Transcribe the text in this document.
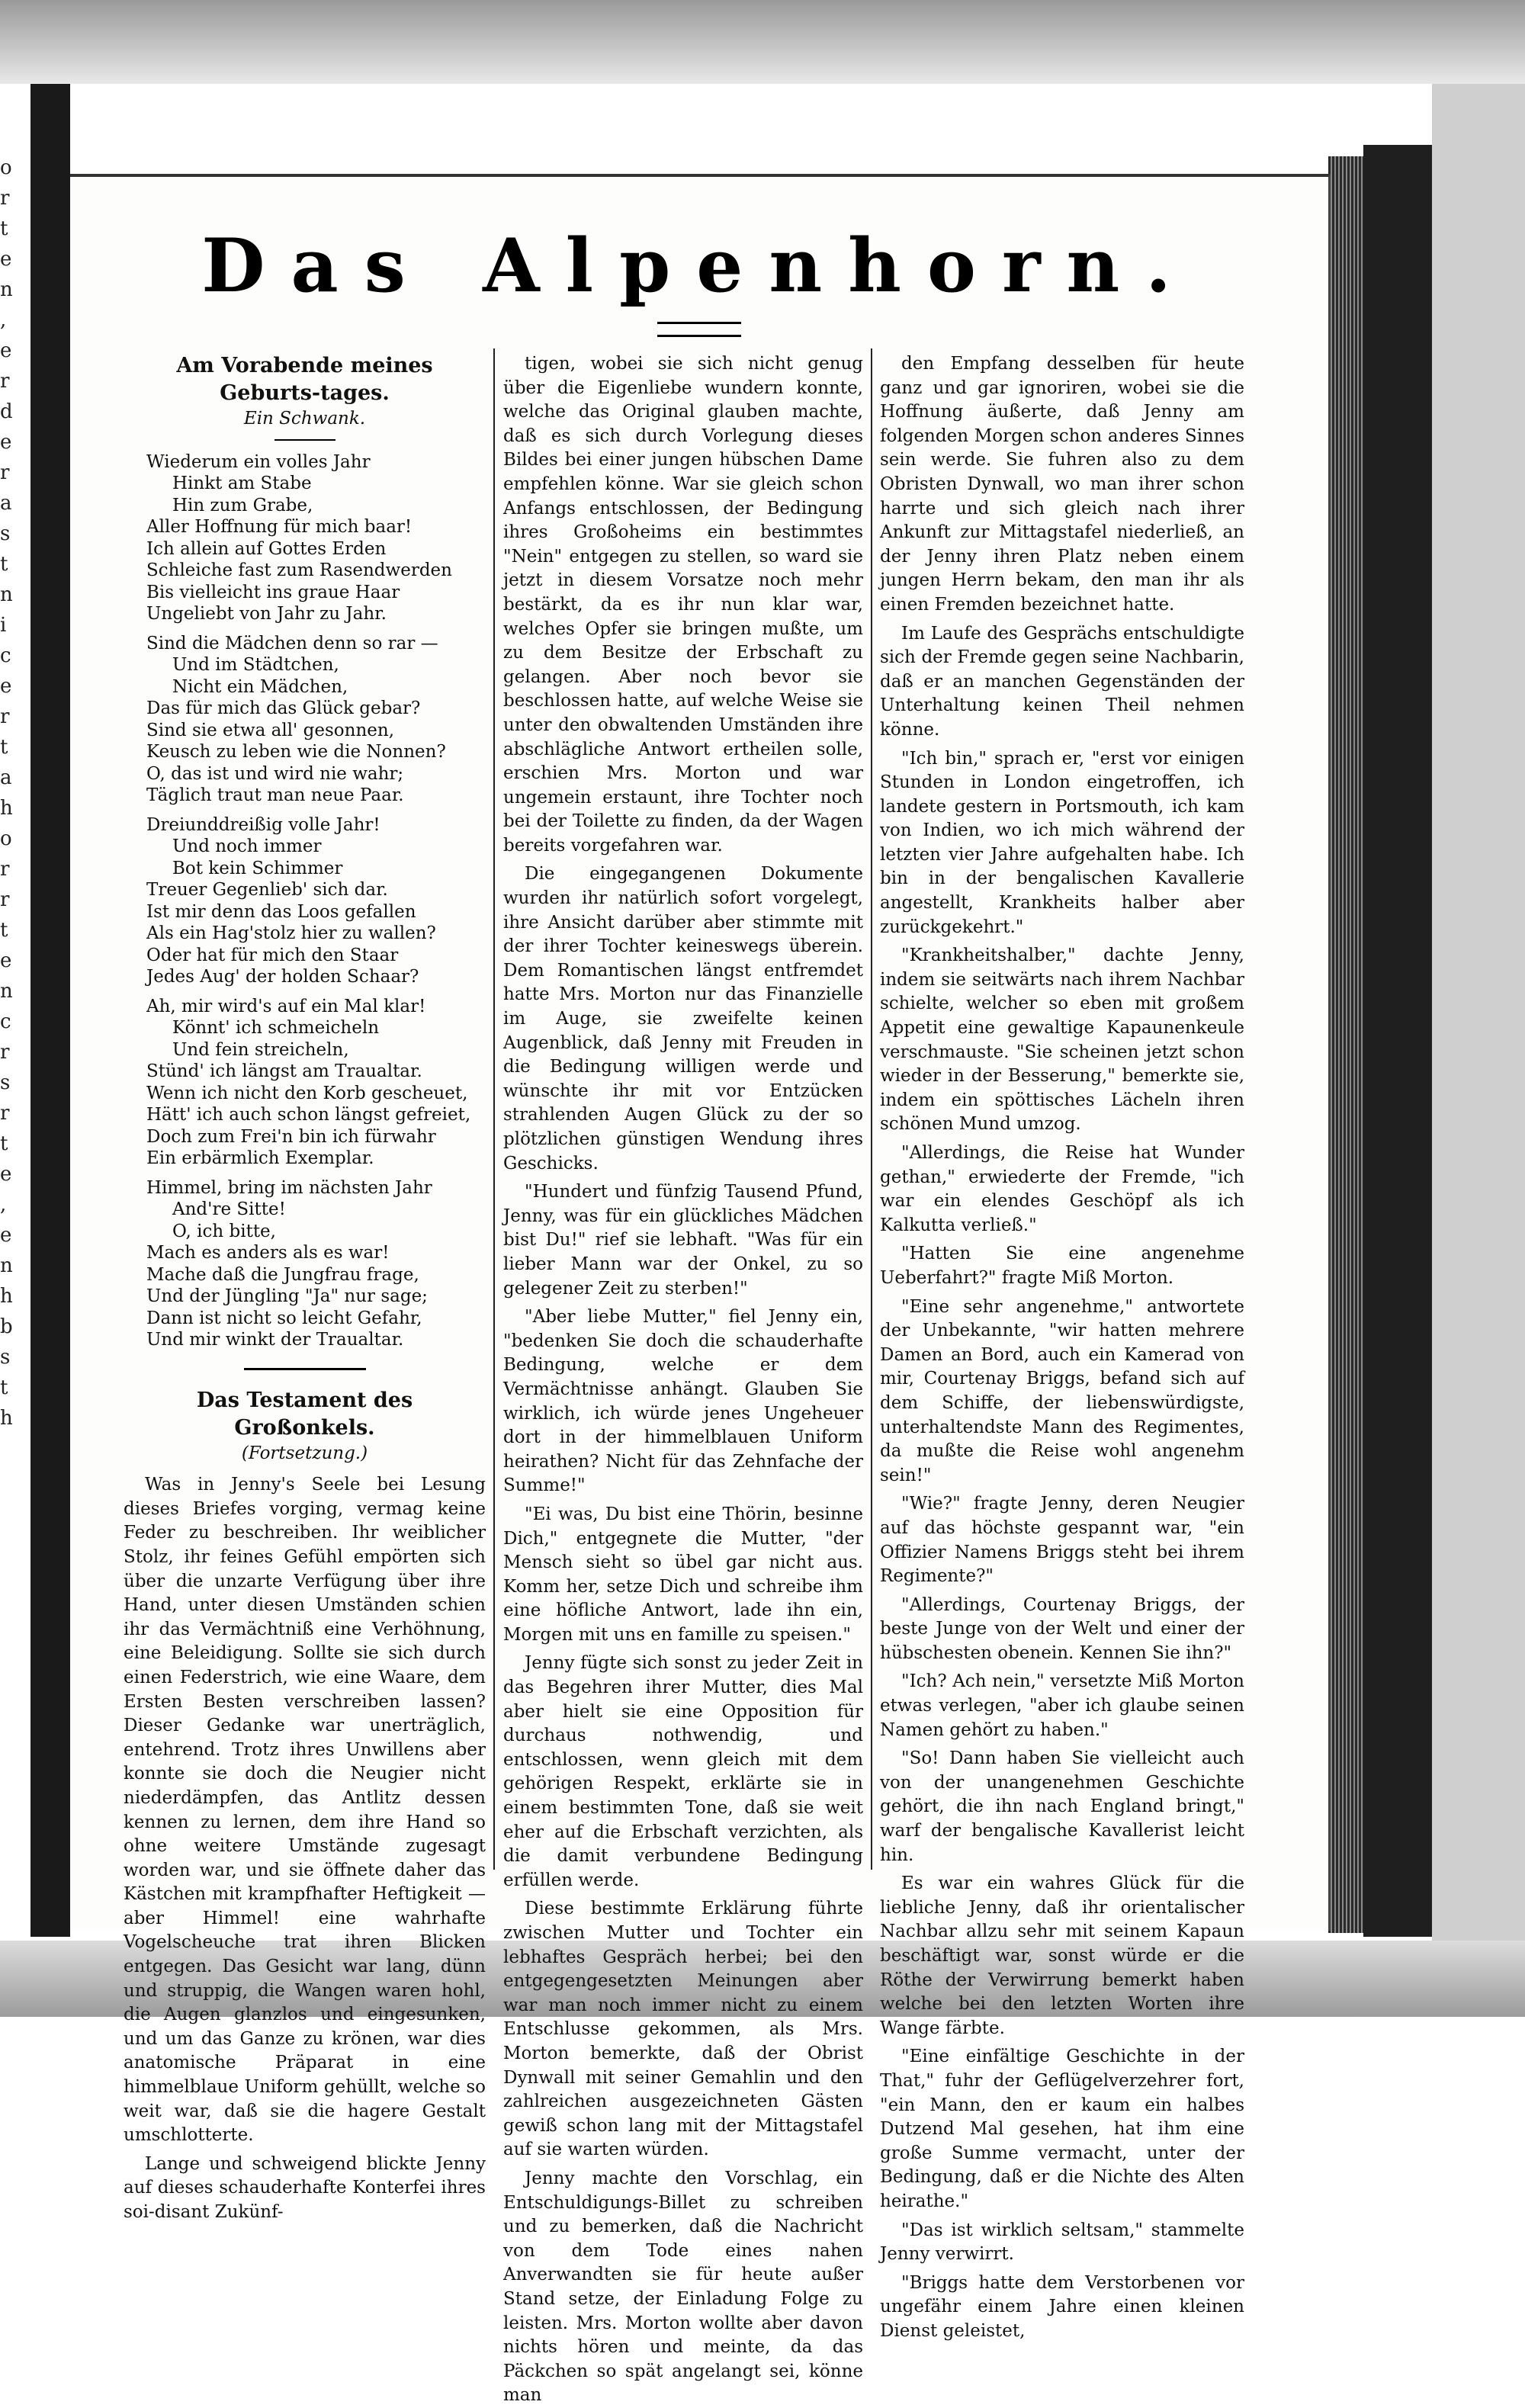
o r t e n , e r d e r a s t n i c e r t a h o r r t e n c r s r t e , e n h b s t h
Das Alpenhorn.
Am Vorabende meines Geburts-tages.

Ein Schwank.

Wiederum ein volles Jahr
Hinkt am Stabe
Hin zum Grabe,
Aller Hoffnung für mich baar!
Ich allein auf Gottes Erden
Schleiche fast zum Rasendwerden
Bis vielleicht ins graue Haar
Ungeliebt von Jahr zu Jahr.
Sind die Mädchen denn so rar —
Und im Städtchen,
Nicht ein Mädchen,
Das für mich das Glück gebar?
Sind sie etwa all' gesonnen,
Keusch zu leben wie die Nonnen?
O, das ist und wird nie wahr;
Täglich traut man neue Paar.
Dreiunddreißig volle Jahr!
Und noch immer
Bot kein Schimmer
Treuer Gegenlieb' sich dar.
Ist mir denn das Loos gefallen
Als ein Hag'stolz hier zu wallen?
Oder hat für mich den Staar
Jedes Aug' der holden Schaar?
Ah, mir wird's auf ein Mal klar!
Könnt' ich schmeicheln
Und fein streicheln,
Stünd' ich längst am Traualtar.
Wenn ich nicht den Korb gescheuet,
Hätt' ich auch schon längst gefreiet,
Doch zum Frei'n bin ich fürwahr
Ein erbärmlich Exemplar.
Himmel, bring im nächsten Jahr
And're Sitte!
O, ich bitte,
Mach es anders als es war!
Mache daß die Jungfrau frage,
Und der Jüngling "Ja" nur sage;
Dann ist nicht so leicht Gefahr,
Und mir winkt der Traualtar.
Das Testament des Großonkels.

(Fortsetzung.)

Was in Jenny's Seele bei Lesung dieses Briefes vorging, vermag keine Feder zu beschreiben. Ihr weiblicher Stolz, ihr feines Gefühl empörten sich über die unzarte Verfügung über ihre Hand, unter diesen Umständen schien ihr das Vermächtniß eine Verhöhnung, eine Beleidigung. Sollte sie sich durch einen Federstrich, wie eine Waare, dem Ersten Besten verschreiben lassen? Dieser Gedanke war unerträglich, entehrend. Trotz ihres Unwillens aber konnte sie doch die Neugier nicht niederdämpfen, das Antlitz dessen kennen zu lernen, dem ihre Hand so ohne weitere Umstände zugesagt worden war, und sie öffnete daher das Kästchen mit krampfhafter Heftigkeit — aber Himmel! eine wahrhafte Vogelscheuche trat ihren Blicken entgegen. Das Gesicht war lang, dünn und struppig, die Wangen waren hohl, die Augen glanzlos und eingesunken, und um das Ganze zu krönen, war dies anatomische Präparat in eine himmelblaue Uniform gehüllt, welche so weit war, daß sie die hagere Gestalt umschlotterte.

Lange und schweigend blickte Jenny auf dieses schauderhafte Konterfei ihres soi-disant Zukünf-

tigen, wobei sie sich nicht genug über die Eigenliebe wundern konnte, welche das Original glauben machte, daß es sich durch Vorlegung dieses Bildes bei einer jungen hübschen Dame empfehlen könne. War sie gleich schon Anfangs entschlossen, der Bedingung ihres Großoheims ein bestimmtes "Nein" entgegen zu stellen, so ward sie jetzt in diesem Vorsatze noch mehr bestärkt, da es ihr nun klar war, welches Opfer sie bringen mußte, um zu dem Besitze der Erbschaft zu gelangen. Aber noch bevor sie beschlossen hatte, auf welche Weise sie unter den obwaltenden Umständen ihre abschlägliche Antwort ertheilen solle, erschien Mrs. Morton und war ungemein erstaunt, ihre Tochter noch bei der Toilette zu finden, da der Wagen bereits vorgefahren war.

Die eingegangenen Dokumente wurden ihr natürlich sofort vorgelegt, ihre Ansicht darüber aber stimmte mit der ihrer Tochter keineswegs überein. Dem Romantischen längst entfremdet hatte Mrs. Morton nur das Finanzielle im Auge, sie zweifelte keinen Augenblick, daß Jenny mit Freuden in die Bedingung willigen werde und wünschte ihr mit vor Entzücken strahlenden Augen Glück zu der so plötzlichen günstigen Wendung ihres Geschicks.

"Hundert und fünfzig Tausend Pfund, Jenny, was für ein glückliches Mädchen bist Du!" rief sie lebhaft. "Was für ein lieber Mann war der Onkel, zu so gelegener Zeit zu sterben!"

"Aber liebe Mutter," fiel Jenny ein, "bedenken Sie doch die schauderhafte Bedingung, welche er dem Vermächtnisse anhängt. Glauben Sie wirklich, ich würde jenes Ungeheuer dort in der himmelblauen Uniform heirathen? Nicht für das Zehnfache der Summe!"

"Ei was, Du bist eine Thörin, besinne Dich," entgegnete die Mutter, "der Mensch sieht so übel gar nicht aus. Komm her, setze Dich und schreibe ihm eine höfliche Antwort, lade ihn ein, Morgen mit uns en famille zu speisen."

Jenny fügte sich sonst zu jeder Zeit in das Begehren ihrer Mutter, dies Mal aber hielt sie eine Opposition für durchaus nothwendig, und entschlossen, wenn gleich mit dem gehörigen Respekt, erklärte sie in einem bestimmten Tone, daß sie weit eher auf die Erbschaft verzichten, als die damit verbundene Bedingung erfüllen werde.

Diese bestimmte Erklärung führte zwischen Mutter und Tochter ein lebhaftes Gespräch herbei; bei den entgegengesetzten Meinungen aber war man noch immer nicht zu einem Entschlusse gekommen, als Mrs. Morton bemerkte, daß der Obrist Dynwall mit seiner Gemahlin und den zahlreichen ausgezeichneten Gästen gewiß schon lang mit der Mittagstafel auf sie warten würden.

Jenny machte den Vorschlag, ein Entschuldigungs-Billet zu schreiben und zu bemerken, daß die Nachricht von dem Tode eines nahen Anverwandten sie für heute außer Stand setze, der Einladung Folge zu leisten. Mrs. Morton wollte aber davon nichts hören und meinte, da das Päckchen so spät angelangt sei, könne man

den Empfang desselben für heute ganz und gar ignoriren, wobei sie die Hoffnung äußerte, daß Jenny am folgenden Morgen schon anderes Sinnes sein werde. Sie fuhren also zu dem Obristen Dynwall, wo man ihrer schon harrte und sich gleich nach ihrer Ankunft zur Mittagstafel niederließ, an der Jenny ihren Platz neben einem jungen Herrn bekam, den man ihr als einen Fremden bezeichnet hatte.

Im Laufe des Gesprächs entschuldigte sich der Fremde gegen seine Nachbarin, daß er an manchen Gegenständen der Unterhaltung keinen Theil nehmen könne.

"Ich bin," sprach er, "erst vor einigen Stunden in London eingetroffen, ich landete gestern in Portsmouth, ich kam von Indien, wo ich mich während der letzten vier Jahre aufgehalten habe. Ich bin in der bengalischen Kavallerie angestellt, Krankheits halber aber zurückgekehrt."

"Krankheitshalber," dachte Jenny, indem sie seitwärts nach ihrem Nachbar schielte, welcher so eben mit großem Appetit eine gewaltige Kapaunenkeule verschmauste. "Sie scheinen jetzt schon wieder in der Besserung," bemerkte sie, indem ein spöttisches Lächeln ihren schönen Mund umzog.

"Allerdings, die Reise hat Wunder gethan," erwiederte der Fremde, "ich war ein elendes Geschöpf als ich Kalkutta verließ."

"Hatten Sie eine angenehme Ueberfahrt?" fragte Miß Morton.

"Eine sehr angenehme," antwortete der Unbekannte, "wir hatten mehrere Damen an Bord, auch ein Kamerad von mir, Courtenay Briggs, befand sich auf dem Schiffe, der liebenswürdigste, unterhaltendste Mann des Regimentes, da mußte die Reise wohl angenehm sein!"

"Wie?" fragte Jenny, deren Neugier auf das höchste gespannt war, "ein Offizier Namens Briggs steht bei ihrem Regimente?"

"Allerdings, Courtenay Briggs, der beste Junge von der Welt und einer der hübschesten obenein. Kennen Sie ihn?"

"Ich? Ach nein," versetzte Miß Morton etwas verlegen, "aber ich glaube seinen Namen gehört zu haben."

"So! Dann haben Sie vielleicht auch von der unangenehmen Geschichte gehört, die ihn nach England bringt," warf der bengalische Kavallerist leicht hin.

Es war ein wahres Glück für die liebliche Jenny, daß ihr orientalischer Nachbar allzu sehr mit seinem Kapaun beschäftigt war, sonst würde er die Röthe der Verwirrung bemerkt haben welche bei den letzten Worten ihre Wange färbte.

"Eine einfältige Geschichte in der That," fuhr der Geflügelverzehrer fort, "ein Mann, den er kaum ein halbes Dutzend Mal gesehen, hat ihm eine große Summe vermacht, unter der Bedingung, daß er die Nichte des Alten heirathe."

"Das ist wirklich seltsam," stammelte Jenny verwirrt.

"Briggs hatte dem Verstorbenen vor ungefähr einem Jahre einen kleinen Dienst geleistet,
